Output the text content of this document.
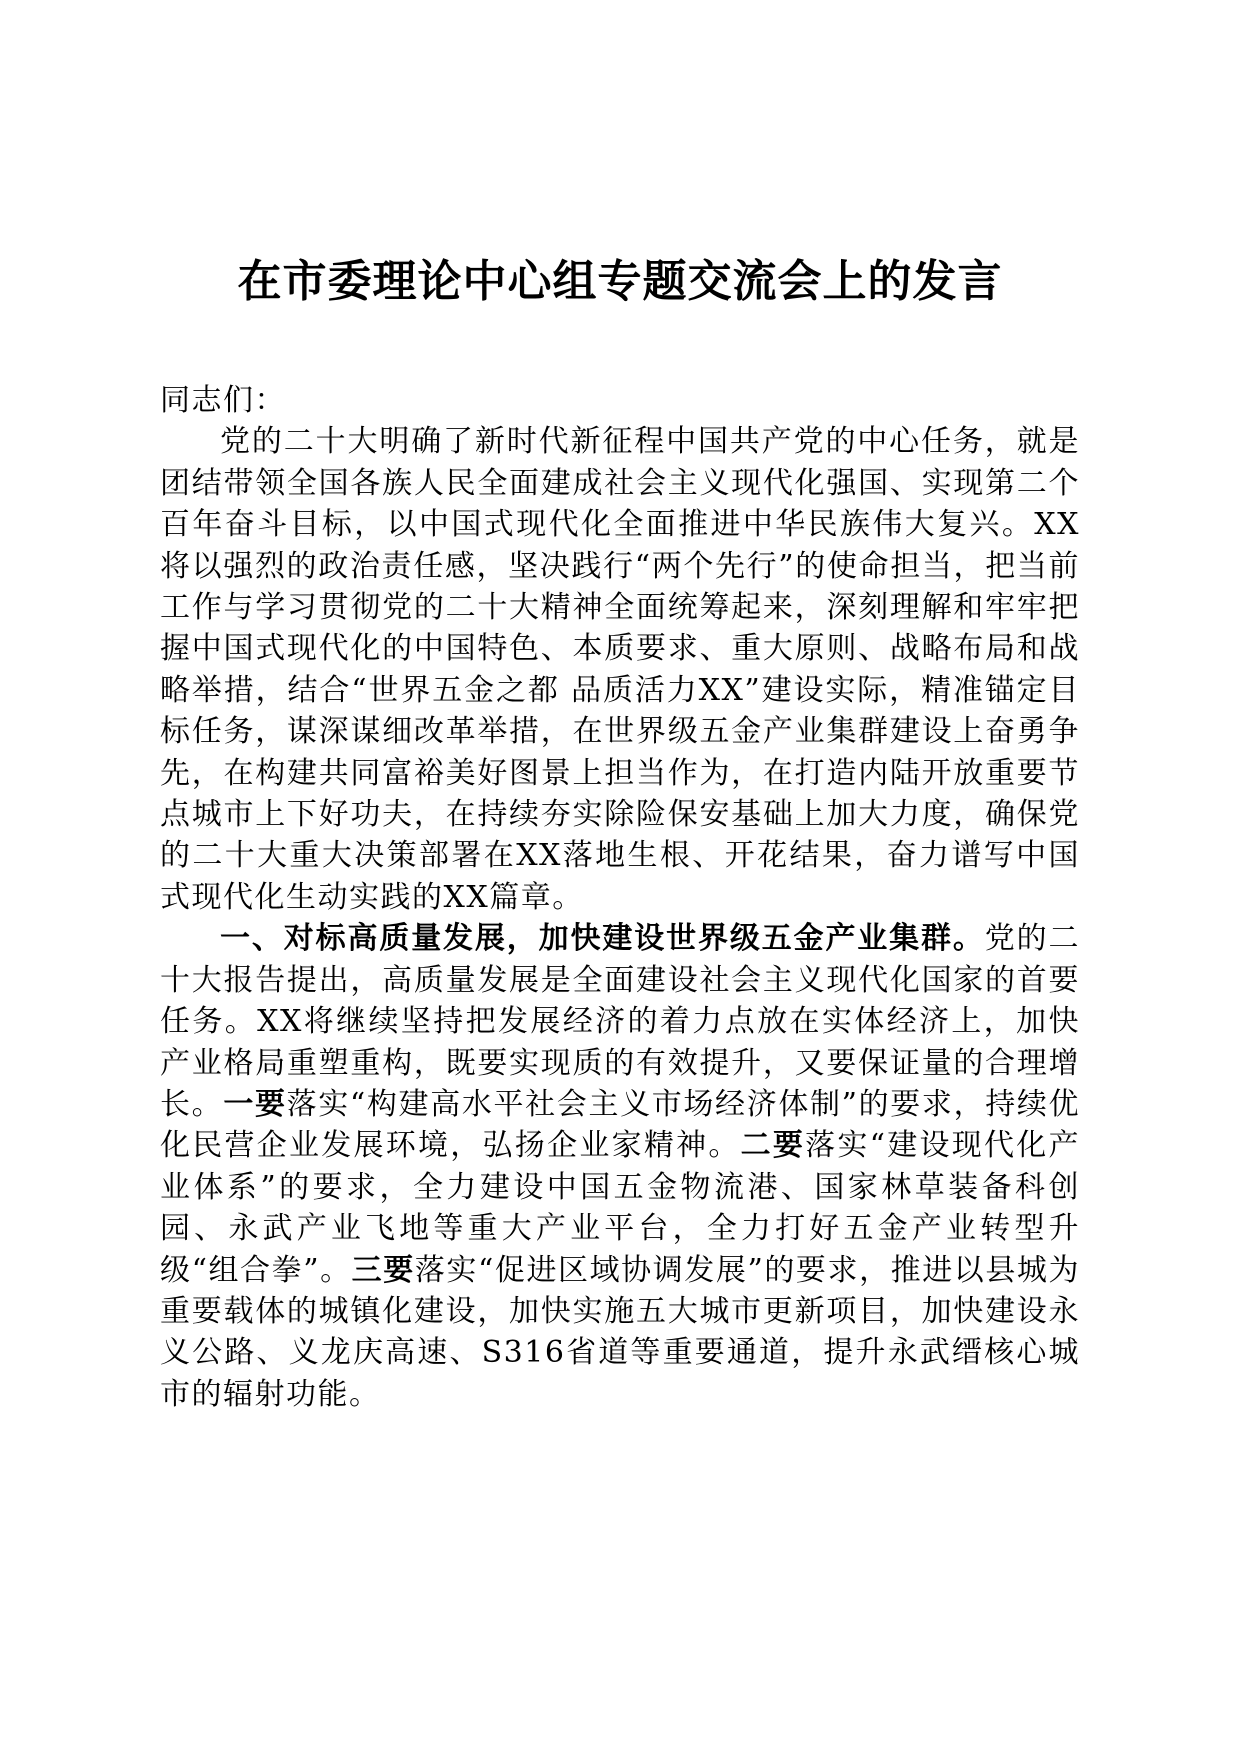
在市委理论中心组专题交流会上的发言

同志们：

党的二十大明确了新时代新征程中国共产党的中心任务，就是团结带领全国各族人民全面建成社会主义现代化强国、实现第二个百年奋斗目标，以中国式现代化全面推进中华民族伟大复兴。XX将以强烈的政治责任感，坚决践行“两个先行”的使命担当，把当前工作与学习贯彻党的二十大精神全面统筹起来，深刻理解和牢牢把握中国式现代化的中国特色、本质要求、重大原则、战略布局和战略举措，结合“世界五金之都 品质活力XX”建设实际，精准锚定目标任务，谋深谋细改革举措，在世界级五金产业集群建设上奋勇争先，在构建共同富裕美好图景上担当作为，在打造内陆开放重要节点城市上下好功夫，在持续夯实除险保安基础上加大力度，确保党的二十大重大决策部署在XX落地生根、开花结果，奋力谱写中国式现代化生动实践的XX篇章。

一、对标高质量发展，加快建设世界级五金产业集群。党的二十大报告提出，高质量发展是全面建设社会主义现代化国家的首要任务。XX将继续坚持把发展经济的着力点放在实体经济上，加快产业格局重塑重构，既要实现质的有效提升，又要保证量的合理增长。一要落实“构建高水平社会主义市场经济体制”的要求，持续优化民营企业发展环境，弘扬企业家精神。二要落实“建设现代化产业体系”的要求，全力建设中国五金物流港、国家林草装备科创园、永武产业飞地等重大产业平台，全力打好五金产业转型升级“组合拳”。三要落实“促进区域协调发展”的要求，推进以县城为重要载体的城镇化建设，加快实施五大城市更新项目，加快建设永义公路、义龙庆高速、S316省道等重要通道，提升永武缙核心城市的辐射功能。
